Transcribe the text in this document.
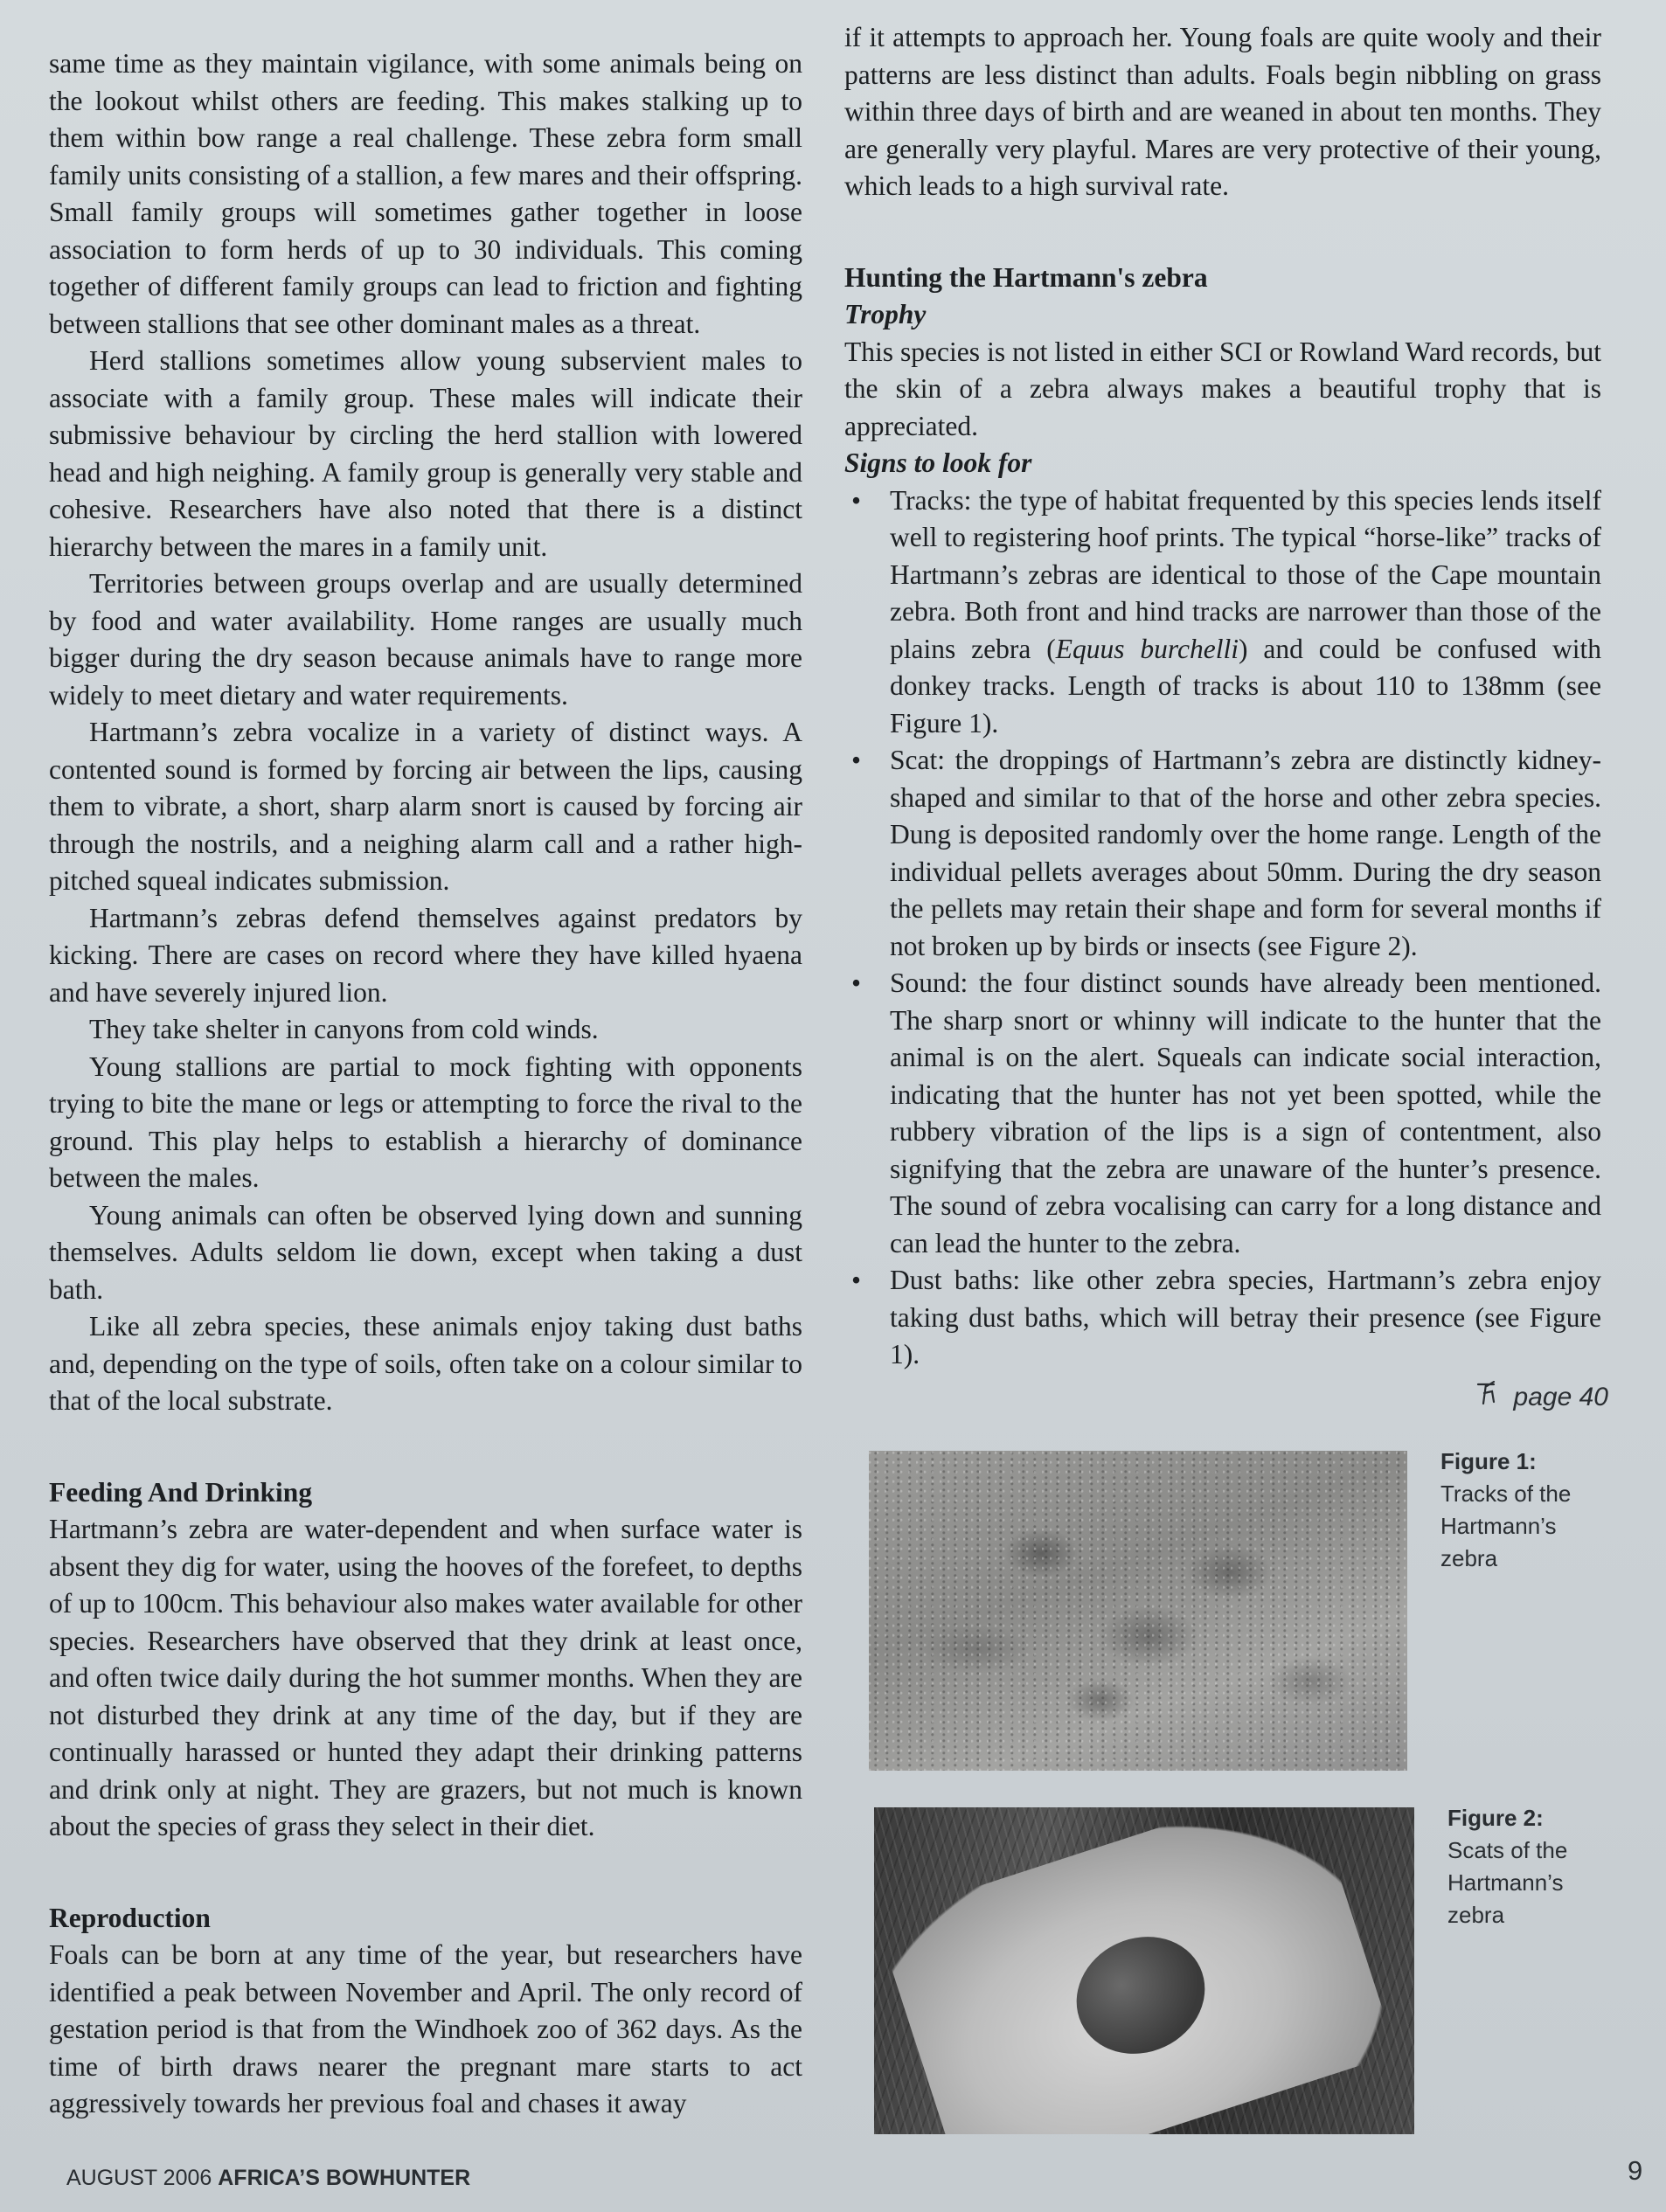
same time as they maintain vigilance, with some animals being on the lookout whilst others are feeding. This makes stalking up to them within bow range a real challenge. These zebra form small family units consisting of a stallion, a few mares and their offspring. Small family groups will sometimes gather together in loose association to form herds of up to 30 individuals. This coming together of different family groups can lead to friction and fighting between stallions that see other dominant males as a threat.

Herd stallions sometimes allow young subservient males to associate with a family group. These males will indicate their submissive behaviour by circling the herd stallion with lowered head and high neighing. A family group is generally very stable and cohesive. Researchers have also noted that there is a distinct hierarchy between the mares in a family unit.

Territories between groups overlap and are usually determined by food and water availability. Home ranges are usually much bigger during the dry season because animals have to range more widely to meet dietary and water requirements.

Hartmann’s zebra vocalize in a variety of distinct ways. A contented sound is formed by forcing air between the lips, causing them to vibrate, a short, sharp alarm snort is caused by forcing air through the nostrils, and a neighing alarm call and a rather high-pitched squeal indicates submission.

Hartmann’s zebras defend themselves against predators by kicking. There are cases on record where they have killed hyaena and have severely injured lion.

They take shelter in canyons from cold winds.

Young stallions are partial to mock fighting with opponents trying to bite the mane or legs or attempting to force the rival to the ground. This play helps to establish a hierarchy of dominance between the males.

Young animals can often be observed lying down and sunning themselves. Adults seldom lie down, except when taking a dust bath.

Like all zebra species, these animals enjoy taking dust baths and, depending on the type of soils, often take on a colour similar to that of the local substrate.

Feeding And Drinking

Hartmann’s zebra are water-dependent and when surface water is absent they dig for water, using the hooves of the forefeet, to depths of up to 100cm. This behaviour also makes water available for other species. Researchers have observed that they drink at least once, and often twice daily during the hot summer months. When they are not disturbed they drink at any time of the day, but if they are continually harassed or hunted they adapt their drinking patterns and drink only at night. They are grazers, but not much is known about the species of grass they select in their diet.

Reproduction

Foals can be born at any time of the year, but researchers have identified a peak between November and April. The only record of gestation period is that from the Windhoek zoo of 362 days. As the time of birth draws nearer the pregnant mare starts to act aggressively towards her previous foal and chases it away

if it attempts to approach her. Young foals are quite wooly and their patterns are less distinct than adults. Foals begin nibbling on grass within three days of birth and are weaned in about ten months. They are generally very playful. Mares are very protective of their young, which leads to a high survival rate.

Hunting the Hartmann's zebra
Trophy

This species is not listed in either SCI or Rowland Ward records, but the skin of a zebra always makes a beautiful trophy that is appreciated.

Signs to look for
• Tracks: the type of habitat frequented by this species lends itself well to registering hoof prints. The typical “horse-like” tracks of Hartmann’s zebras are identical to those of the Cape mountain zebra. Both front and hind tracks are narrower than those of the plains zebra (Equus burchelli) and could be confused with donkey tracks. Length of tracks is about 110 to 138mm (see Figure 1).
• Scat: the droppings of Hartmann’s zebra are distinctly kidney-shaped and similar to that of the horse and other zebra species. Dung is deposited randomly over the home range. Length of the individual pellets averages about 50mm. During the dry season the pellets may retain their shape and form for several months if not broken up by birds or insects (see Figure 2).
• Sound: the four distinct sounds have already been mentioned. The sharp snort or whinny will indicate to the hunter that the animal is on the alert. Squeals can indicate social interaction, indicating that the hunter has not yet been spotted, while the rubbery vibration of the lips is a sign of contentment, also signifying that the zebra are unaware of the hunter’s presence. The sound of zebra vocalising can carry for a long distance and can lead the hunter to the zebra.
• Dust baths: like other zebra species, Hartmann’s zebra enjoy taking dust baths, which will betray their presence (see Figure 1).
page 40
Figure 1:
Tracks of the Hartmann’s zebra
Figure 2:
Scats of the Hartmann’s zebra
AUGUST 2006 AFRICA’S BOWHUNTER	9
